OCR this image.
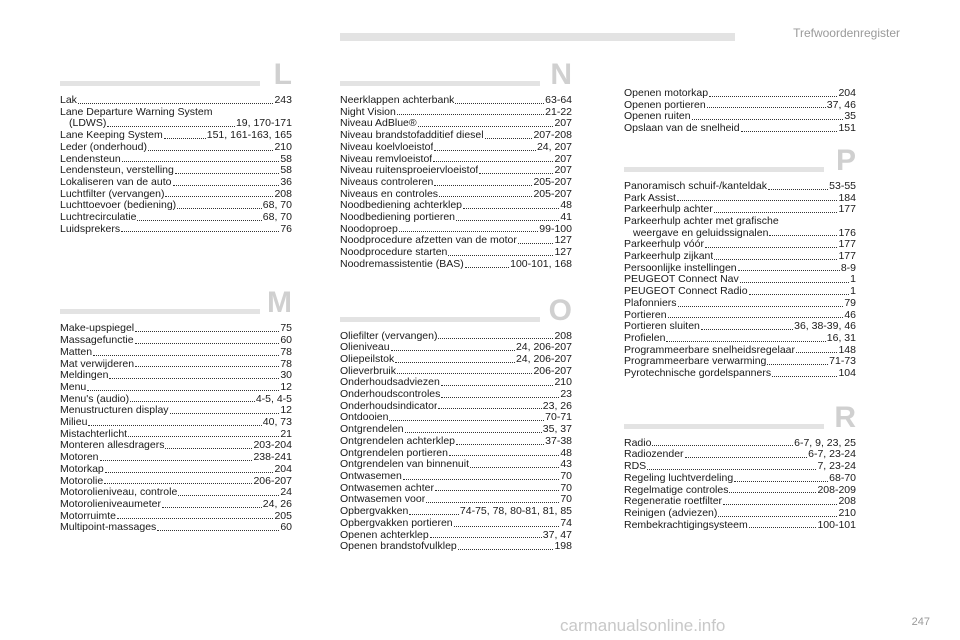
Trefwoordenregister
L
Lak	243
Lane Departure Warning System
(LDWS)	19, 170-171
Lane Keeping System	151, 161-163, 165
Leder (onderhoud)	210
Lendensteun	58
Lendensteun, verstelling	58
Lokaliseren van de auto	36
Luchtfilter (vervangen)	208
Luchttoevoer (bediening)	68, 70
Luchtrecirculatie	68, 70
Luidsprekers	76
M
Make-upspiegel	75
Massagefunctie	60
Matten	78
Mat verwijderen	78
Meldingen	30
Menu	12
Menu's (audio)	4-5, 4-5
Menustructuren display	12
Milieu	40, 73
Mistachterlicht	21
Monteren allesdragers	203-204
Motoren	238-241
Motorkap	204
Motorolie	206-207
Motorolieniveau, controle	24
Motorolieniveaumeter	24, 26
Motorruimte	205
Multipoint-massages	60
N
Neerklappen achterbank	63-64
Night Vision	21-22
Niveau AdBlue®	207
Niveau brandstofadditief diesel	207-208
Niveau koelvloeistof	24, 207
Niveau remvloeistof	207
Niveau ruitensproeiervloeistof	207
Niveaus controleren	205-207
Niveaus en controles	205-207
Noodbediening achterklep	48
Noodbediening portieren	41
Noodoproep	99-100
Noodprocedure afzetten van de motor	127
Noodprocedure starten	127
Noodremassistentie (BAS)	100-101, 168
O
Oliefilter (vervangen)	208
Olieniveau	24, 206-207
Oliepeilstok	24, 206-207
Olieverbruik	206-207
Onderhoudsadviezen	210
Onderhoudscontroles	23
Onderhoudsindicator	23, 26
Ontdooien	70-71
Ontgrendelen	35, 37
Ontgrendelen achterklep	37-38
Ontgrendelen portieren	48
Ontgrendelen van binnenuit	43
Ontwasemen	70
Ontwasemen achter	70
Ontwasemen voor	70
Opbergvakken	74-75, 78, 80-81, 81, 85
Opbergvakken portieren	74
Openen achterklep	37, 47
Openen brandstofvulklep	198
Openen motorkap	204
Openen portieren	37, 46
Openen ruiten	35
Opslaan van de snelheid	151
P
Panoramisch schuif-/kanteldak	53-55
Park Assist	184
Parkeerhulp achter	177
Parkeerhulp achter met grafische
weergave en geluidssignalen	176
Parkeerhulp vóór	177
Parkeerhulp zijkant	177
Persoonlijke instellingen	8-9
PEUGEOT Connect Nav	1
PEUGEOT Connect Radio	1
Plafonniers	79
Portieren	46
Portieren sluiten	36, 38-39, 46
Profielen	16, 31
Programmeerbare snelheidsregelaar	148
Programmeerbare verwarming	71-73
Pyrotechnische gordelspanners	104
R
Radio	6-7, 9, 23, 25
Radiozender	6-7, 23-24
RDS	7, 23-24
Regeling luchtverdeling	68-70
Regelmatige controles	208-209
Regeneratie roetfilter	208
Reinigen (adviezen)	210
Rembekrachtigingsysteem	100-101
carmanualsonline.info	247
